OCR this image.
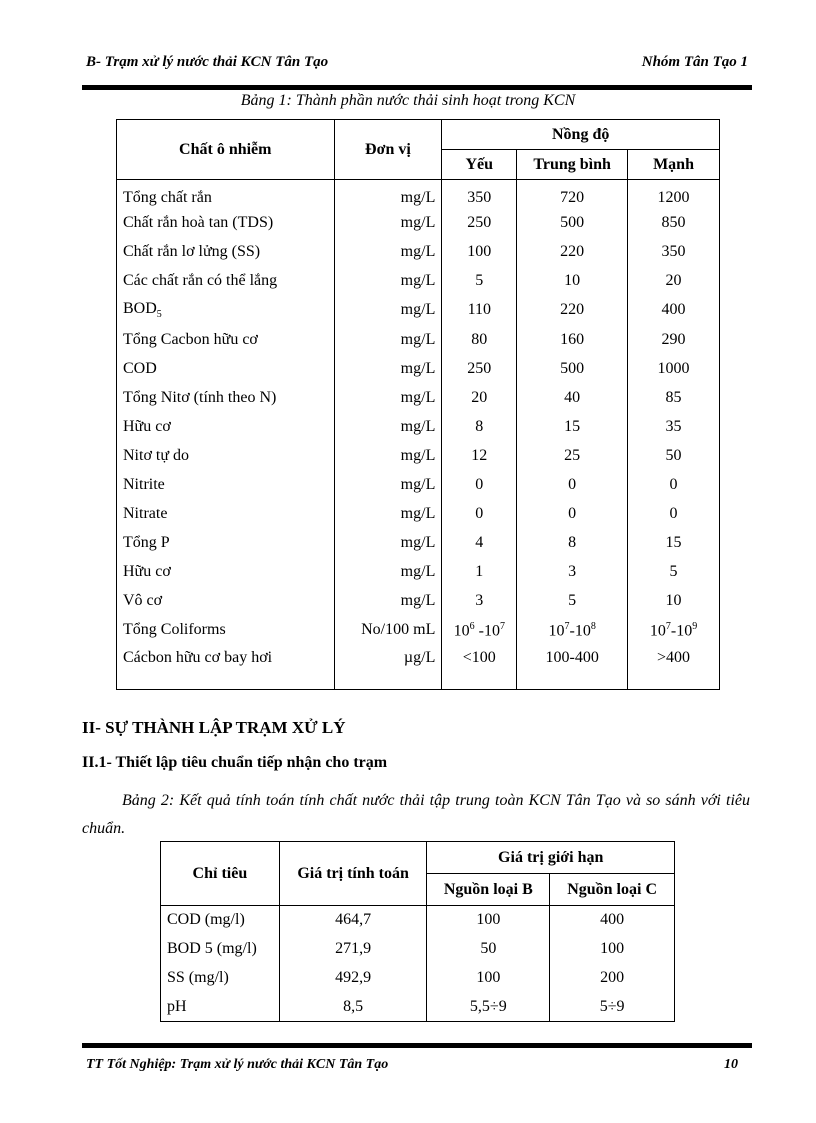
B- Trạm xử lý nước thải KCN Tân Tạo	Nhóm Tân Tạo 1
Bảng 1: Thành phần nước thải sinh hoạt trong KCN
Chất ô nhiễm	Đơn vị	Nồng độ		
		Yếu	Trung bình	Mạnh
Tổng chất rắn	mg/L	350	720	1200
Chất rắn hoà tan (TDS)	mg/L	250	500	850
Chất rắn lơ lửng (SS)	mg/L	100	220	350
Các chất rắn có thể lắng	mg/L	5	10	20
$BOD_5$	mg/L	110	220	400
Tổng Cacbon hữu cơ	mg/L	80	160	290
COD	mg/L	250	500	1000
Tổng Nitơ (tính theo N)	mg/L	20	40	85
Hữu cơ	mg/L	8	15	35
Nitơ tự do	mg/L	12	25	50
Nitrite	mg/L	0	0	0
Nitrate	mg/L	0	0	0
Tổng P	mg/L	4	8	15
Hữu cơ	mg/L	1	3	5
Vô cơ	mg/L	3	5	10
Tổng Coliforms	No/100 mL	$10^6$ $-10^7$	$10^7-10^8$	$10^7-10^9$
Cácbon hữu cơ bay hơi	µg/L	<100	100-400	>400
II- SỰ THÀNH LẬP TRẠM XỬ LÝ
II.1- Thiết lập tiêu chuẩn tiếp nhận cho trạm
Bảng 2: Kết quả tính toán tính chất nước thải tập trung toàn KCN Tân Tạo và so sánh với tiêu chuẩn.
Chỉ tiêu	Giá trị tính toán	Giá trị giới hạn	
		Nguồn loại B	Nguồn loại C
COD (mg/l)	464,7	100	400
BOD 5 (mg/l)	271,9	50	100
SS (mg/l)	492,9	100	200
pH	8,5	5,5÷9	5÷9
TT Tốt Nghiệp: Trạm xử lý nước thải KCN Tân Tạo	10
